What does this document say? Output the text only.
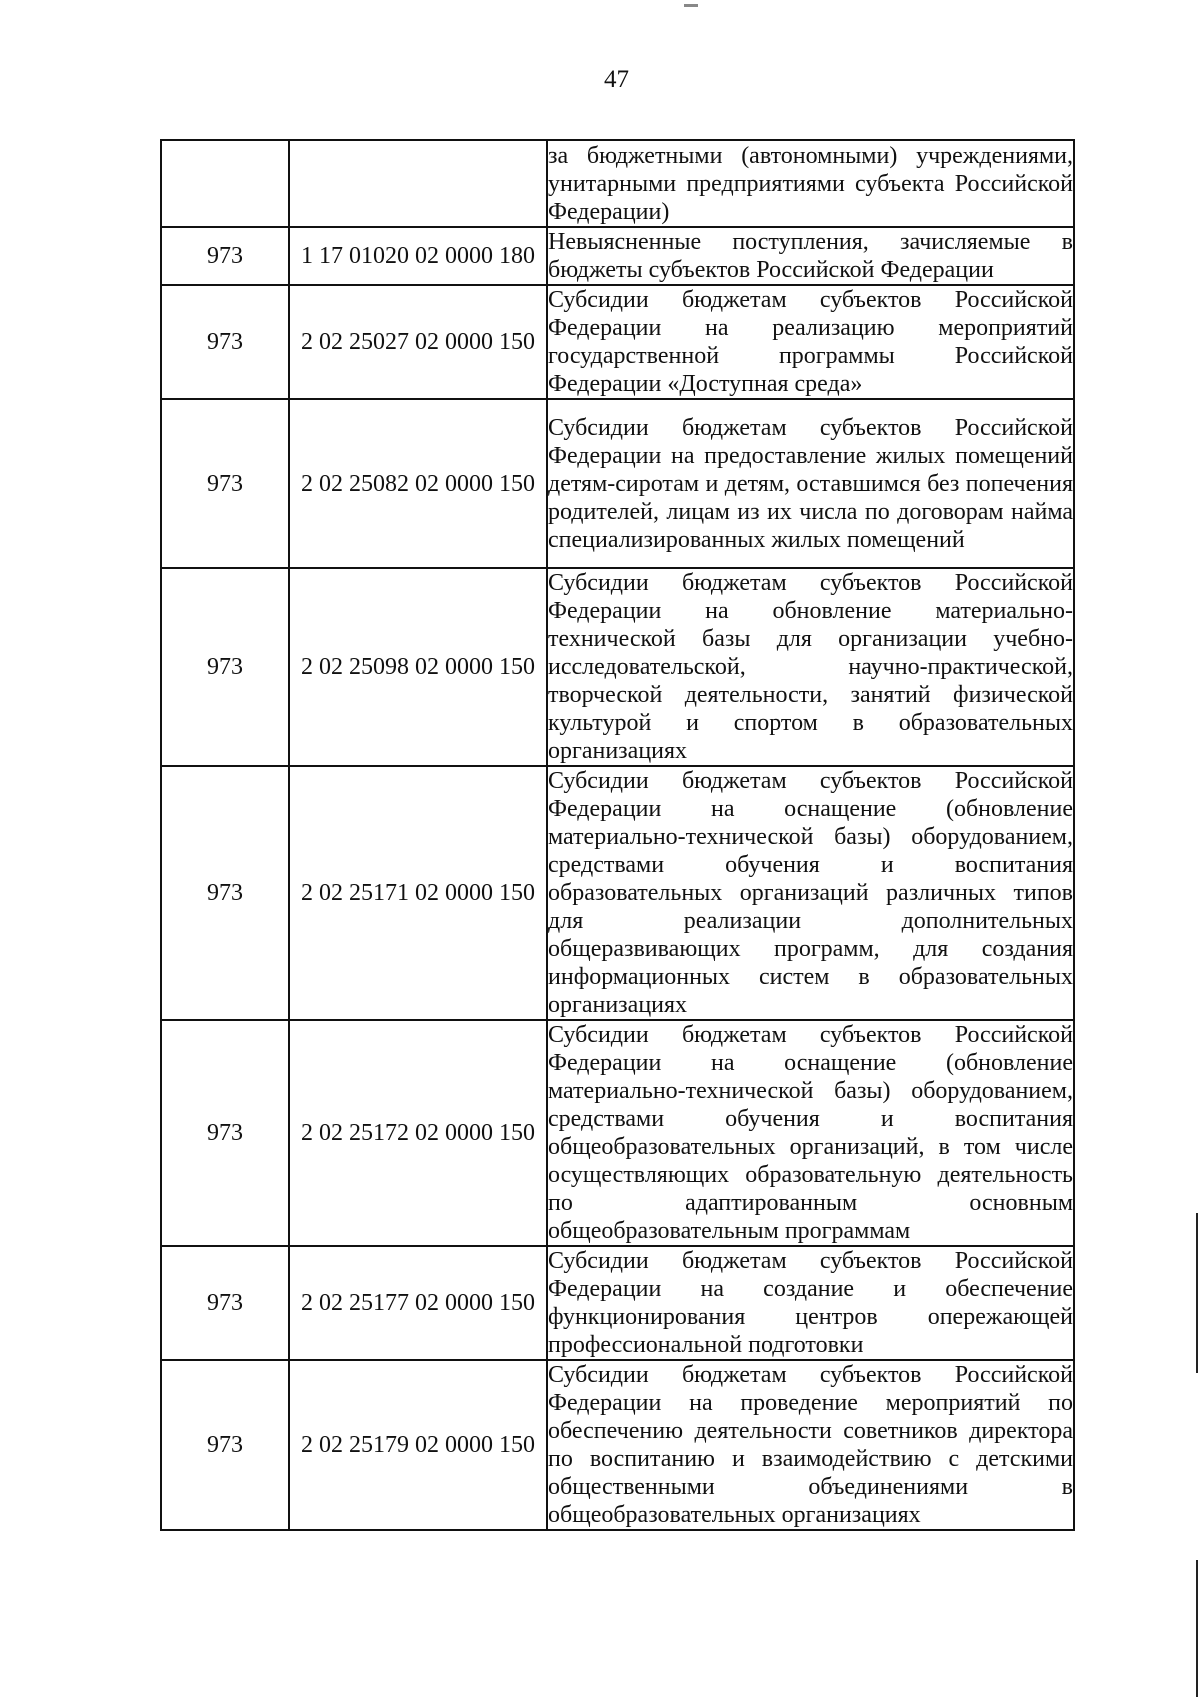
47
		за бюджетными (автономными) учреждениями, унитарными предприятиями субъекта Российской Федерации)
973	1 17 01020 02 0000 180	Невыясненные поступления, зачисляемые в бюджеты субъектов Российской Федерации
973	2 02 25027 02 0000 150	Субсидии бюджетам субъектов Российской Федерации на реализацию мероприятий государственной программы Российской Федерации «Доступная среда»
973	2 02 25082 02 0000 150	Субсидии бюджетам субъектов Российской Федерации на предоставление жилых помещений детям-сиротам и детям, оставшимся без попечения родителей, лицам из их числа по договорам найма специализированных жилых помещений
973	2 02 25098 02 0000 150	Субсидии бюджетам субъектов Российской Федерации на обновление материально-технической базы для организации учебно-исследовательской, научно-практической, творческой деятельности, занятий физической культурой и спортом в образовательных организациях
973	2 02 25171 02 0000 150	Субсидии бюджетам субъектов Российской Федерации на оснащение (обновление материально-технической базы) оборудованием, средствами обучения и воспитания образовательных организаций различных типов для реализации дополнительных общеразвивающих программ, для создания информационных систем в образовательных организациях
973	2 02 25172 02 0000 150	Субсидии бюджетам субъектов Российской Федерации на оснащение (обновление материально-технической базы) оборудованием, средствами обучения и воспитания общеобразовательных организаций, в том числе осуществляющих образовательную деятельность по адаптированным основным общеобразовательным программам
973	2 02 25177 02 0000 150	Субсидии бюджетам субъектов Российской Федерации на создание и обеспечение функционирования центров опережающей профессиональной подготовки
973	2 02 25179 02 0000 150	Субсидии бюджетам субъектов Российской Федерации на проведение мероприятий по обеспечению деятельности советников директора по воспитанию и взаимодействию с детскими общественными объединениями в общеобразовательных организациях
